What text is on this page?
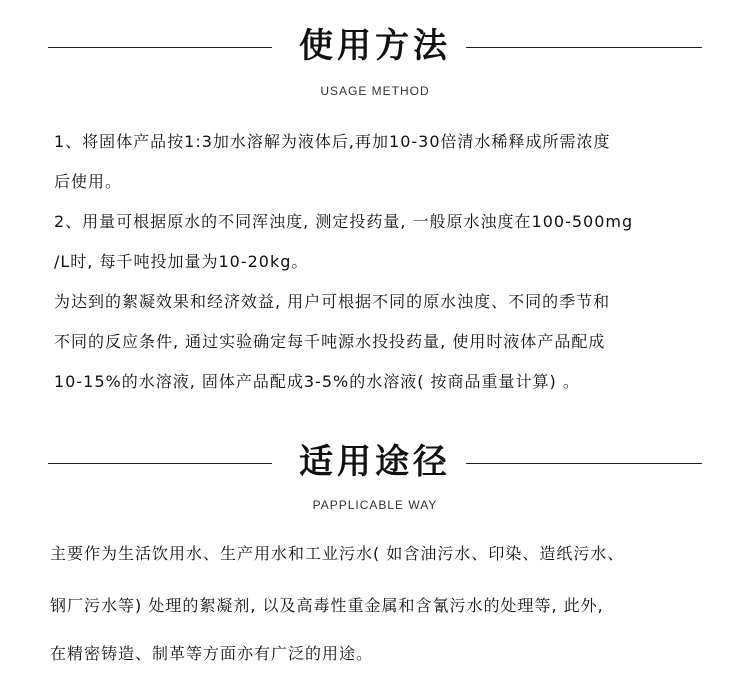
使用方法
USAGE METHOD
1、将固体产品按1:3加水溶解为液体后,再加10-30倍清水稀释成所需浓度
后使用。
2、用量可根据原水的不同浑浊度, 测定投药量, 一般原水浊度在100-500mg
/L时, 每千吨投加量为10-20kg。
为达到的絮凝效果和经济效益, 用户可根据不同的原水浊度、不同的季节和
不同的反应条件, 通过实验确定每千吨源水投投药量, 使用时液体产品配成
10-15%的水溶液, 固体产品配成3-5%的水溶液( 按商品重量计算) 。
适用途径
PAPPLICABLE WAY
主要作为生活饮用水、生产用水和工业污水( 如含油污水、印染、造纸污水、
钢厂污水等) 处理的絮凝剂, 以及高毒性重金属和含氰污水的处理等, 此外,
在精密铸造、制革等方面亦有广泛的用途。
